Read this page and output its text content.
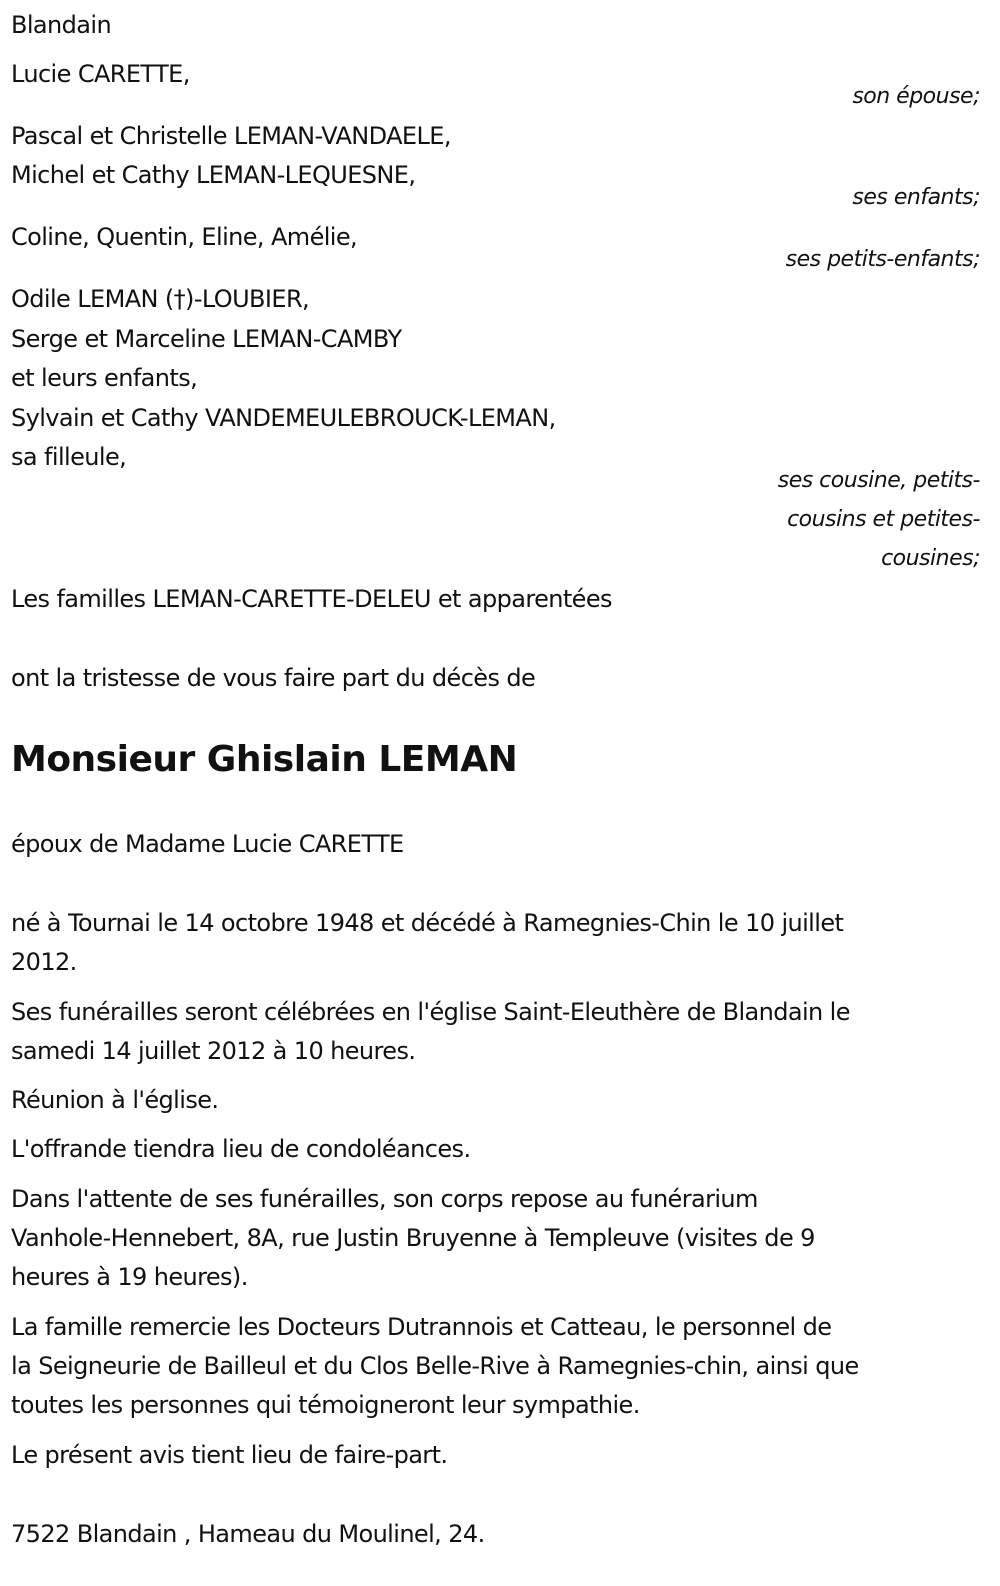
Blandain
Lucie CARETTE,
son épouse;
Pascal et Christelle LEMAN-VANDAELE,
Michel et Cathy LEMAN-LEQUESNE,
ses enfants;
Coline, Quentin, Eline, Amélie,
ses petits-enfants;
Odile LEMAN (†)-LOUBIER,
Serge et Marceline LEMAN-CAMBY
et leurs enfants,
Sylvain et Cathy VANDEMEULEBROUCK-LEMAN,
sa filleule,
ses cousine, petits-
cousins et petites-
cousines;
Les familles LEMAN-CARETTE-DELEU et apparentées
ont la tristesse de vous faire part du décès de
Monsieur Ghislain LEMAN
époux de Madame Lucie CARETTE
né à Tournai le 14 octobre 1948 et décédé à Ramegnies-Chin le 10 juillet
2012.
Ses funérailles seront célébrées en l'église Saint-Eleuthère de Blandain le
samedi 14 juillet 2012 à 10 heures.
Réunion à l'église.
L'offrande tiendra lieu de condoléances.
Dans l'attente de ses funérailles, son corps repose au funérarium
Vanhole-Hennebert, 8A, rue Justin Bruyenne à Templeuve (visites de 9
heures à 19 heures).
La famille remercie les Docteurs Dutrannois et Catteau, le personnel de
la Seigneurie de Bailleul et du Clos Belle-Rive à Ramegnies-chin, ainsi que
toutes les personnes qui témoigneront leur sympathie.
Le présent avis tient lieu de faire-part.
7522 Blandain , Hameau du Moulinel, 24.
